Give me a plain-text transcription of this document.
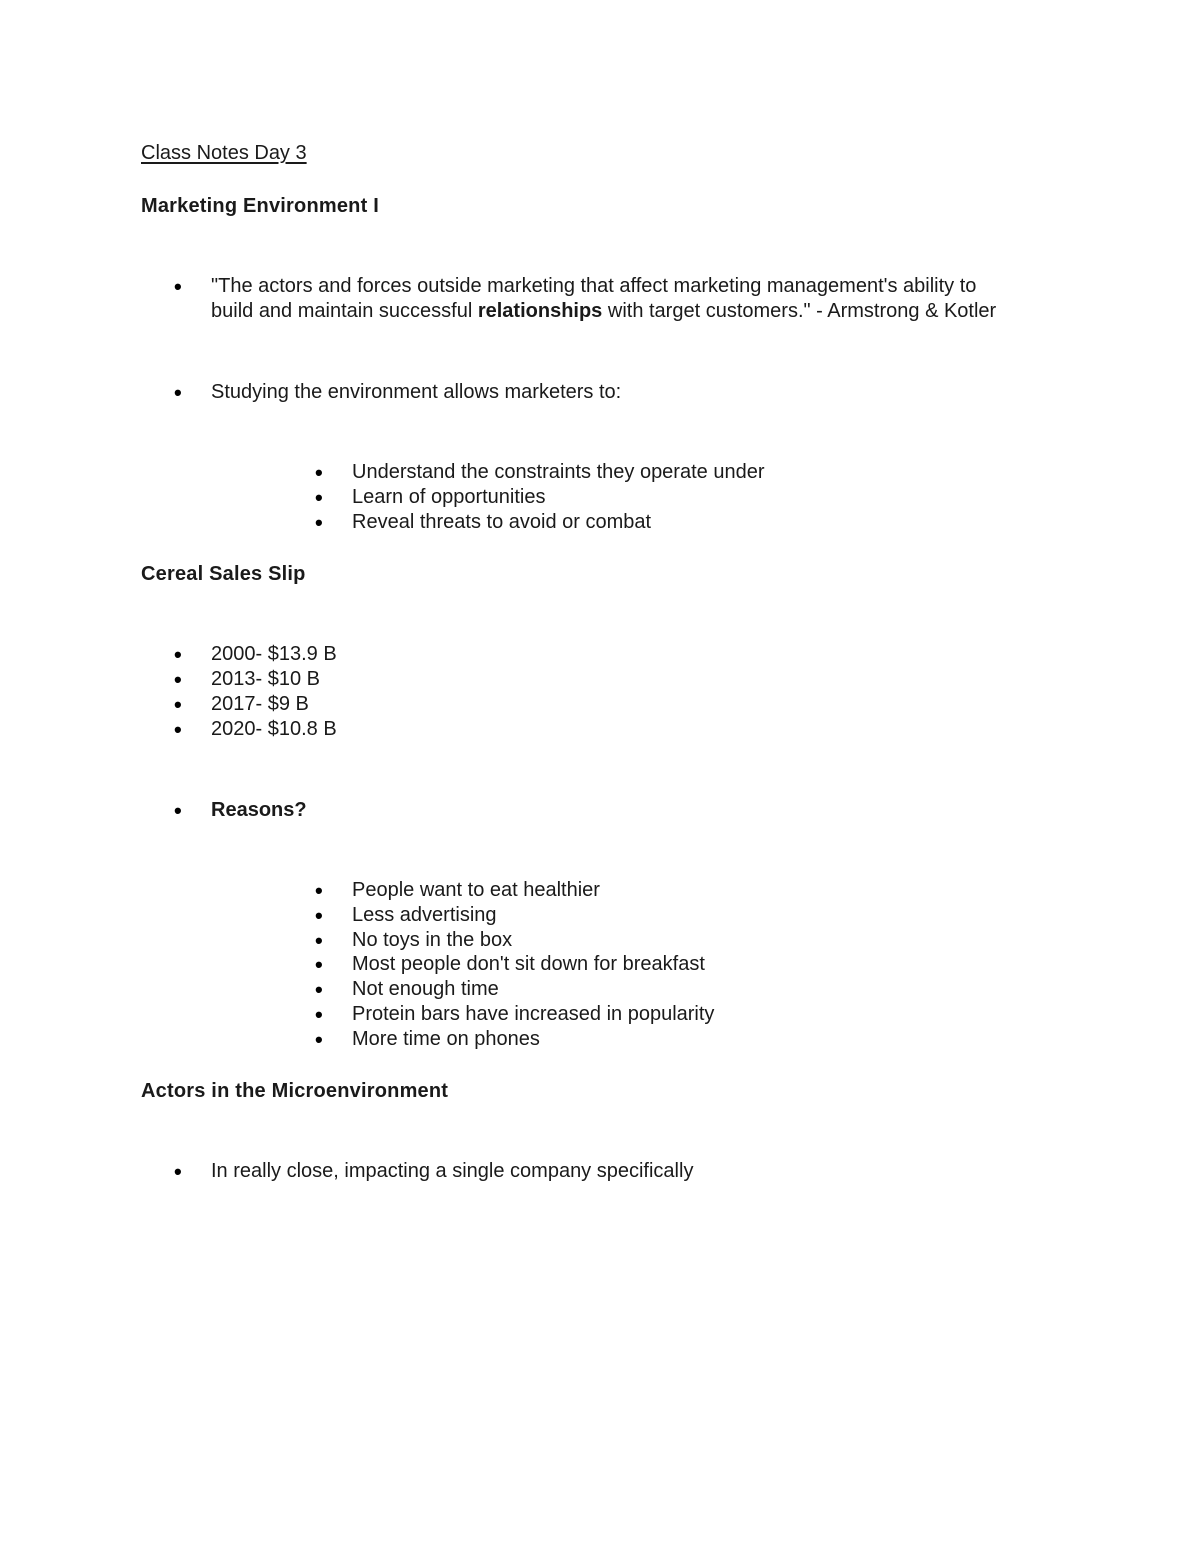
Class Notes Day 3
Marketing Environment I
• "The actors and forces outside marketing that affect marketing management's ability to
build and maintain successful relationships with target customers." - Armstrong & Kotler
• Studying the environment allows marketers to:
• Understand the constraints they operate under
• Learn of opportunities
• Reveal threats to avoid or combat
Cereal Sales Slip
• 2000- $13.9 B
• 2013- $10 B
• 2017- $9 B
• 2020- $10.8 B
• Reasons?
• People want to eat healthier
• Less advertising
• No toys in the box
• Most people don't sit down for breakfast
• Not enough time
• Protein bars have increased in popularity
• More time on phones
Actors in the Microenvironment
• In really close, impacting a single company specifically
